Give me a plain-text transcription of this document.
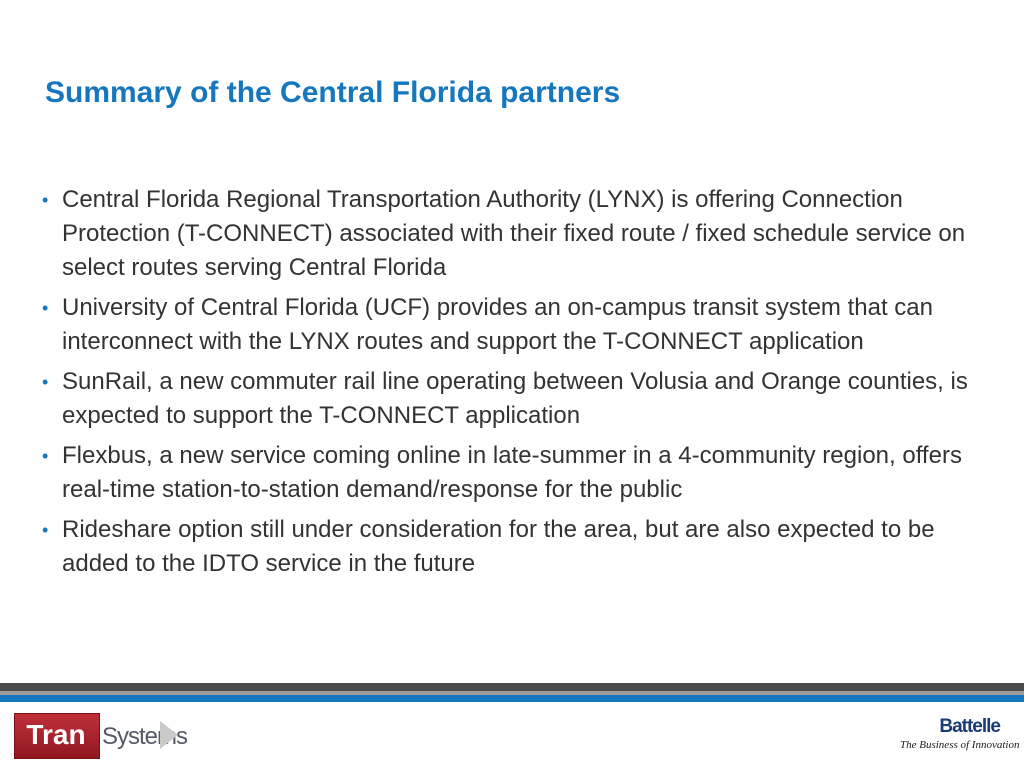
Summary of the Central Florida partners
• Central Florida Regional Transportation Authority (LYNX) is offering Connection Protection (T-CONNECT) associated with their fixed route / fixed schedule service on select routes serving Central Florida
• University of Central Florida (UCF) provides an on-campus transit system that can interconnect with the LYNX routes and support the T-CONNECT application
• SunRail, a new commuter rail line operating between Volusia and Orange counties, is expected to support the T-CONNECT application
• Flexbus, a new service coming online in late-summer in a 4-community region, offers real-time station-to-station demand/response for the public
• Rideshare option still under consideration for the area, but are also expected to be added to the IDTO service in the future
Tran Systems	Battelle
The Business of Innovation
